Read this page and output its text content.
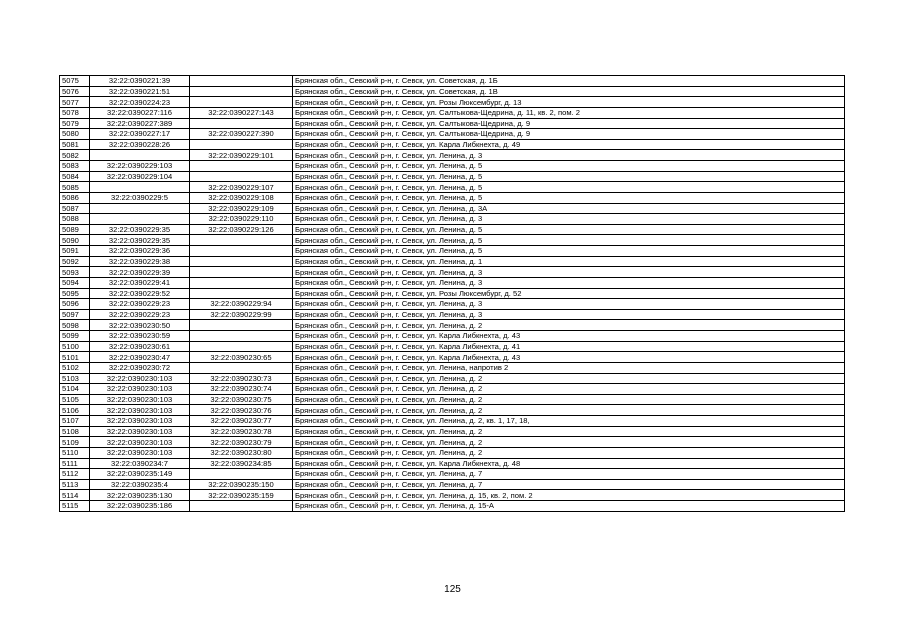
5075	32:22:0390221:39		Брянская обл., Севский р-н, г. Севск, ул. Советская, д. 1Б
5076	32:22:0390221:51		Брянская обл., Севский р-н, г. Севск, ул. Советская, д. 1В
5077	32:22:0390224:23		Брянская обл., Севский р-н, г. Севск, ул. Розы Люксембург, д. 13
5078	32:22:0390227:116	32:22:0390227:143	Брянская обл., Севский р-н, г. Севск, ул. Салтыкова-Щедрина, д. 11, кв. 2, пом. 2
5079	32:22:0390227:389		Брянская обл., Севский р-н, г. Севск, ул. Салтыкова-Щедрина, д. 9
5080	32:22:0390227:17	32:22:0390227:390	Брянская обл., Севский р-н, г. Севск, ул. Салтыкова-Щедрина, д. 9
5081	32:22:0390228:26		Брянская обл., Севский р-н, г. Севск, ул. Карла Либкнехта, д. 49
5082		32:22:0390229:101	Брянская обл., Севский р-н, г. Севск, ул. Ленина, д. 3
5083	32:22:0390229:103		Брянская обл., Севский р-н, г. Севск, ул. Ленина, д. 5
5084	32:22:0390229:104		Брянская обл., Севский р-н, г. Севск, ул. Ленина, д. 5
5085		32:22:0390229:107	Брянская обл., Севский р-н, г. Севск, ул. Ленина, д. 5
5086	32:22:0390229:5	32:22:0390229:108	Брянская обл., Севский р-н, г. Севск, ул. Ленина, д. 5
5087		32:22:0390229:109	Брянская обл., Севский р-н, г. Севск, ул. Ленина, д. 3А
5088		32:22:0390229:110	Брянская обл., Севский р-н, г. Севск, ул. Ленина, д. 3
5089	32:22:0390229:35	32:22:0390229:126	Брянская обл., Севский р-н, г. Севск, ул. Ленина, д. 5
5090	32:22:0390229:35		Брянская обл., Севский р-н, г. Севск, ул. Ленина, д. 5
5091	32:22:0390229:36		Брянская обл., Севский р-н, г. Севск, ул. Ленина, д. 5
5092	32:22:0390229:38		Брянская обл., Севский р-н, г. Севск, ул. Ленина, д. 1
5093	32:22:0390229:39		Брянская обл., Севский р-н, г. Севск, ул. Ленина, д. 3
5094	32:22:0390229:41		Брянская обл., Севский р-н, г. Севск, ул. Ленина, д. 3
5095	32:22:0390229:52		Брянская обл., Севский р-н, г. Севск, ул. Розы Люксембург, д. 52
5096	32:22:0390229:23	32:22:0390229:94	Брянская обл., Севский р-н, г. Севск, ул. Ленина, д. 3
5097	32:22:0390229:23	32:22:0390229:99	Брянская обл., Севский р-н, г. Севск, ул. Ленина, д. 3
5098	32:22:0390230:50		Брянская обл., Севский р-н, г. Севск, ул. Ленина, д. 2
5099	32:22:0390230:59		Брянская обл., Севский р-н, г. Севск, ул. Карла Либкнехта, д. 43
5100	32:22:0390230:61		Брянская обл., Севский р-н, г. Севск, ул. Карла Либкнехта, д. 41
5101	32:22:0390230:47	32:22:0390230:65	Брянская обл., Севский р-н, г. Севск, ул. Карла Либкнехта, д. 43
5102	32:22:0390230:72		Брянская обл., Севский р-н, г. Севск, ул. Ленина, напротив 2
5103	32:22:0390230:103	32:22:0390230:73	Брянская обл., Севский р-н, г. Севск, ул. Ленина, д. 2
5104	32:22:0390230:103	32:22:0390230:74	Брянская обл., Севский р-н, г. Севск, ул. Ленина, д. 2
5105	32:22:0390230:103	32:22:0390230:75	Брянская обл., Севский р-н, г. Севск, ул. Ленина, д. 2
5106	32:22:0390230:103	32:22:0390230:76	Брянская обл., Севский р-н, г. Севск, ул. Ленина, д. 2
5107	32:22:0390230:103	32:22:0390230:77	Брянская обл., Севский р-н, г. Севск, ул. Ленина, д. 2, кв. 1, 17, 18,
5108	32:22:0390230:103	32:22:0390230:78	Брянская обл., Севский р-н, г. Севск, ул. Ленина, д. 2
5109	32:22:0390230:103	32:22:0390230:79	Брянская обл., Севский р-н, г. Севск, ул. Ленина, д. 2
5110	32:22:0390230:103	32:22:0390230:80	Брянская обл., Севский р-н, г. Севск, ул. Ленина, д. 2
5111	32:22:0390234:7	32:22:0390234:85	Брянская обл., Севский р-н, г. Севск, ул. Карла Либкнехта, д. 48
5112	32:22:0390235:149		Брянская обл., Севский р-н, г. Севск, ул. Ленина, д. 7
5113	32:22:0390235:4	32:22:0390235:150	Брянская обл., Севский р-н, г. Севск, ул. Ленина, д. 7
5114	32:22:0390235:130	32:22:0390235:159	Брянская обл., Севский р-н, г. Севск, ул. Ленина, д. 15, кв. 2, пом. 2
5115	32:22:0390235:186		Брянская обл., Севский р-н, г. Севск, ул. Ленина, д. 15-А
125
